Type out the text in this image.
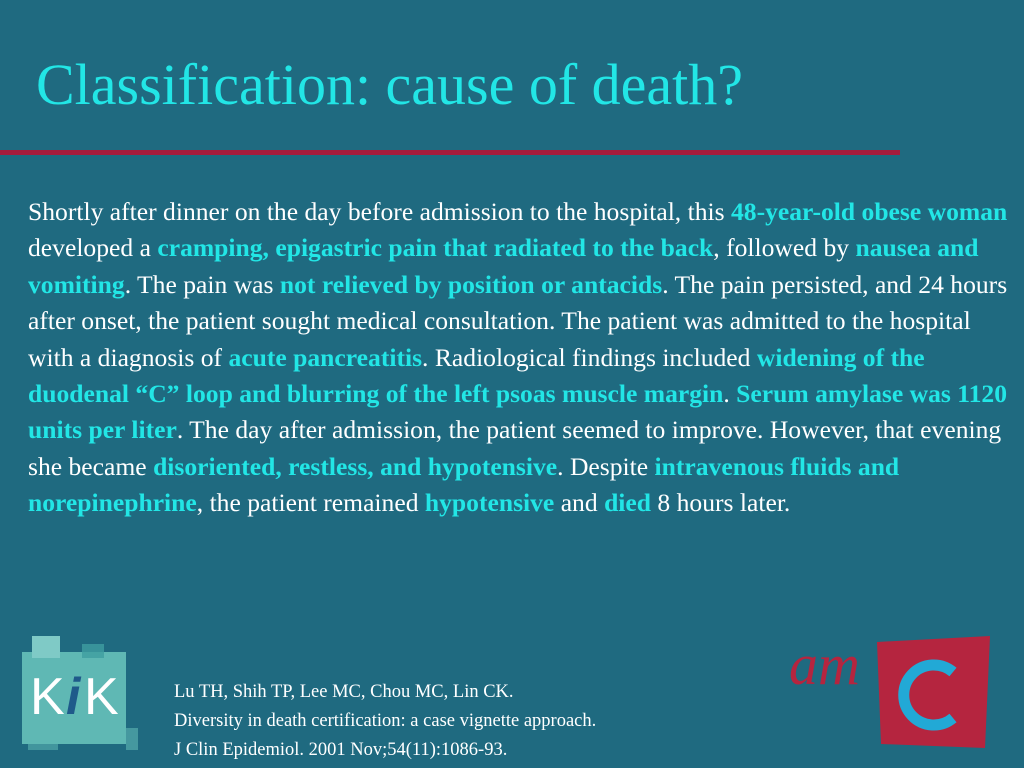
Classification: cause of death?
Shortly after dinner on the day before admission to the hospital, this 48-year-old obese woman developed a cramping, epigastric pain that radiated to the back, followed by nausea and vomiting. The pain was not relieved by position or antacids. The pain persisted, and 24 hours after onset, the patient sought medical consultation. The patient was admitted to the hospital with a diagnosis of acute pancreatitis. Radiological findings included widening of the duodenal “C” loop and blurring of the left psoas muscle margin. Serum amylase was 1120 units per liter. The day after admission, the patient seemed to improve. However, that evening she became disoriented, restless, and hypotensive. Despite intravenous fluids and norepinephrine, the patient remained hypotensive and died 8 hours later.
Lu TH, Shih TP, Lee MC, Chou MC, Lin CK.
Diversity in death certification: a case vignette approach.
J Clin Epidemiol. 2001 Nov;54(11):1086-93.
K i K	am
